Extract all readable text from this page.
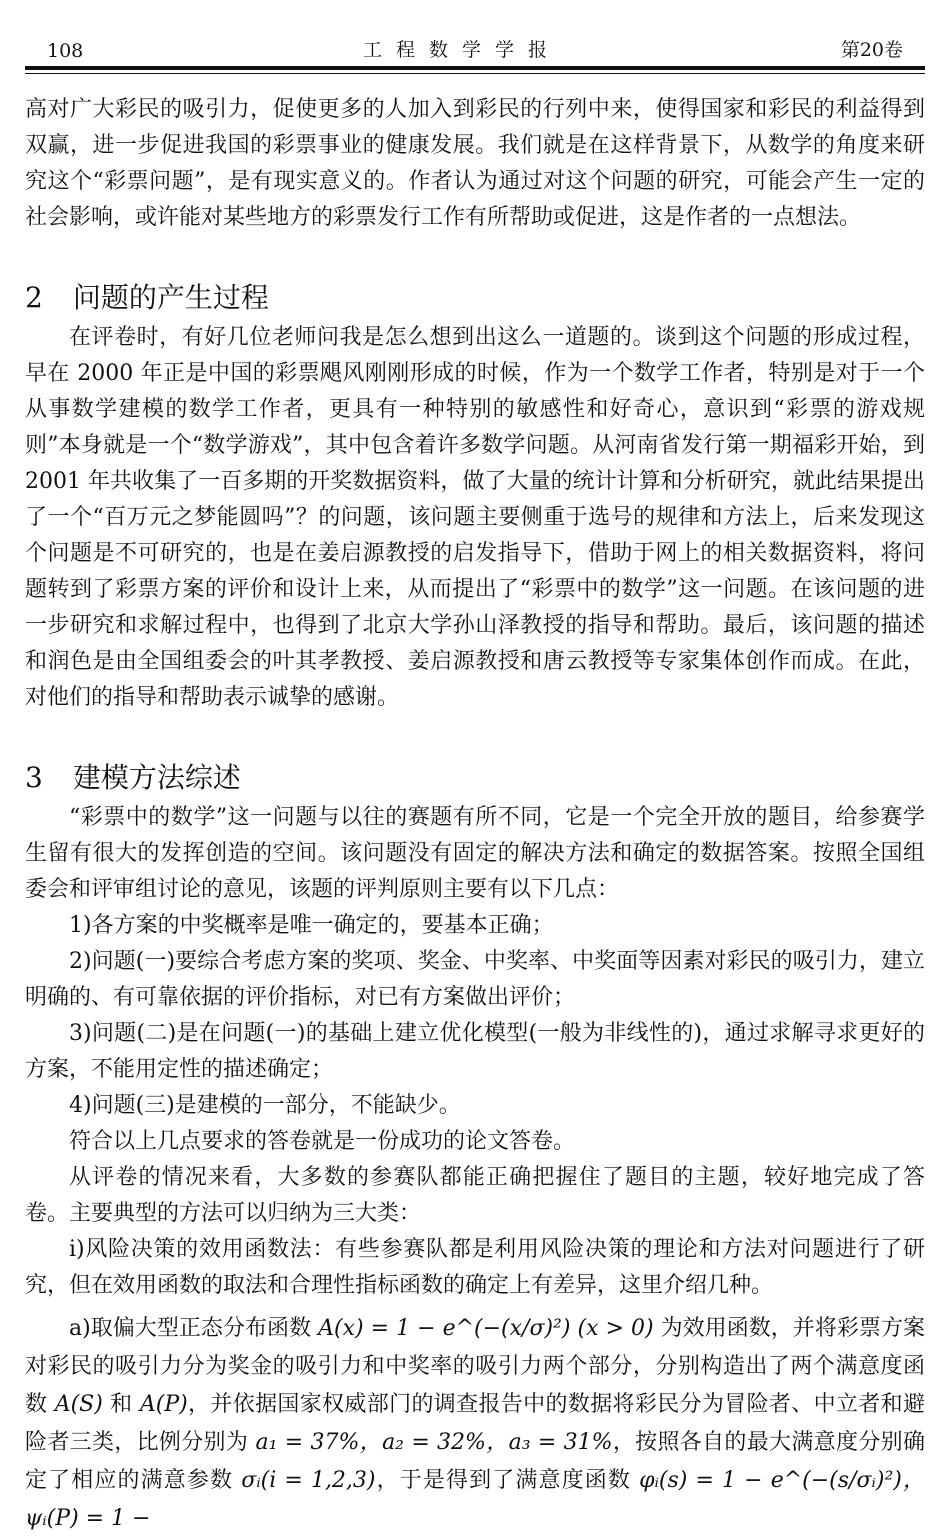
108	工程数学学报	第20卷

高对广大彩民的吸引力，促使更多的人加入到彩民的行列中来，使得国家和彩民的利益得到双赢，进一步促进我国的彩票事业的健康发展。我们就是在这样背景下，从数学的角度来研究这个“彩票问题”，是有现实意义的。作者认为通过对这个问题的研究，可能会产生一定的社会影响，或许能对某些地方的彩票发行工作有所帮助或促进，这是作者的一点想法。

2 问题的产生过程

在评卷时，有好几位老师问我是怎么想到出这么一道题的。谈到这个问题的形成过程，早在 2000 年正是中国的彩票飓风刚刚形成的时候，作为一个数学工作者，特别是对于一个从事数学建模的数学工作者，更具有一种特别的敏感性和好奇心，意识到“彩票的游戏规则”本身就是一个“数学游戏”，其中包含着许多数学问题。从河南省发行第一期福彩开始，到 2001 年共收集了一百多期的开奖数据资料，做了大量的统计计算和分析研究，就此结果提出了一个“百万元之梦能圆吗”？的问题，该问题主要侧重于选号的规律和方法上，后来发现这个问题是不可研究的，也是在姜启源教授的启发指导下，借助于网上的相关数据资料，将问题转到了彩票方案的评价和设计上来，从而提出了“彩票中的数学”这一问题。在该问题的进一步研究和求解过程中，也得到了北京大学孙山泽教授的指导和帮助。最后，该问题的描述和润色是由全国组委会的叶其孝教授、姜启源教授和唐云教授等专家集体创作而成。在此，对他们的指导和帮助表示诚挚的感谢。

3 建模方法综述

“彩票中的数学”这一问题与以往的赛题有所不同，它是一个完全开放的题目，给参赛学生留有很大的发挥创造的空间。该问题没有固定的解决方法和确定的数据答案。按照全国组委会和评审组讨论的意见，该题的评判原则主要有以下几点：

1)各方案的中奖概率是唯一确定的，要基本正确；

2)问题(一)要综合考虑方案的奖项、奖金、中奖率、中奖面等因素对彩民的吸引力，建立明确的、有可靠依据的评价指标，对已有方案做出评价；

3)问题(二)是在问题(一)的基础上建立优化模型(一般为非线性的)，通过求解寻求更好的方案，不能用定性的描述确定；

4)问题(三)是建模的一部分，不能缺少。

符合以上几点要求的答卷就是一份成功的论文答卷。

从评卷的情况来看，大多数的参赛队都能正确把握住了题目的主题，较好地完成了答卷。主要典型的方法可以归纳为三大类：

i)风险决策的效用函数法：有些参赛队都是利用风险决策的理论和方法对问题进行了研究，但在效用函数的取法和合理性指标函数的确定上有差异，这里介绍几种。

a)取偏大型正态分布函数 A(x) = 1 − e^(−(x/σ)²) (x > 0) 为效用函数，并将彩票方案对彩民的吸引力分为奖金的吸引力和中奖率的吸引力两个部分，分别构造出了两个满意度函数 A(S) 和 A(P)，并依据国家权威部门的调查报告中的数据将彩民分为冒险者、中立者和避险者三类，比例分别为 a₁ = 37%，a₂ = 32%，a₃ = 31%，按照各自的最大满意度分别确定了相应的满意参数 σᵢ(i = 1,2,3)，于是得到了满意度函数 φᵢ(s) = 1 − e^(−(s/σᵢ)²)，ψᵢ(P) = 1 −
